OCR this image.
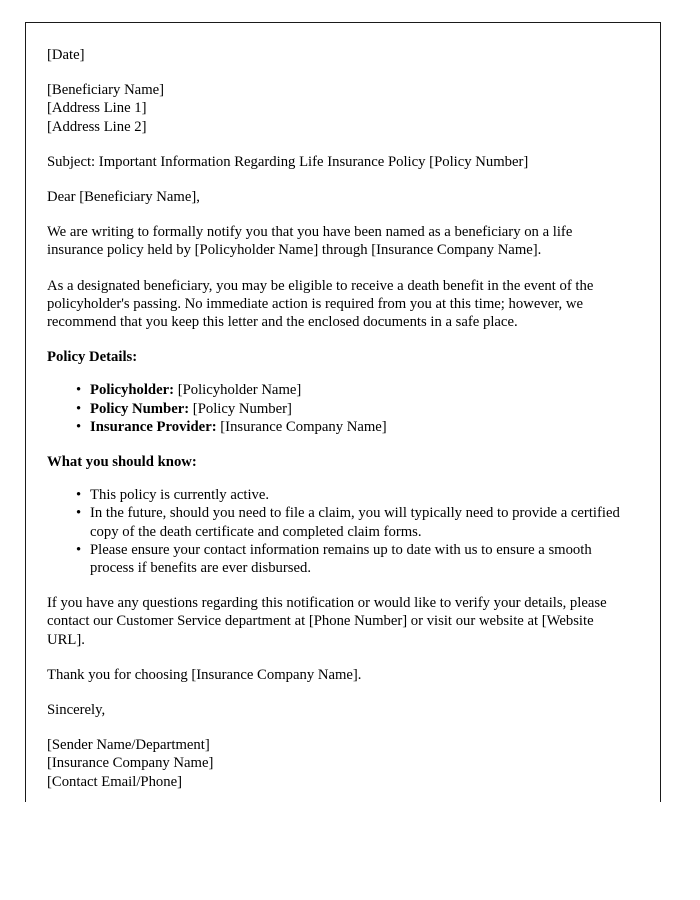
[Date]
[Beneficiary Name]
[Address Line 1]
[Address Line 2]

Subject: Important Information Regarding Life Insurance Policy [Policy Number]

Dear [Beneficiary Name],

We are writing to formally notify you that you have been named as a beneficiary on a life insurance policy held by [Policyholder Name] through [Insurance Company Name].

As a designated beneficiary, you may be eligible to receive a death benefit in the event of the policyholder's passing. No immediate action is required from you at this time; however, we recommend that you keep this letter and the enclosed documents in a safe place.

Policy Details:

• Policyholder: [Policyholder Name]
• Policy Number: [Policy Number]
• Insurance Provider: [Insurance Company Name]

What you should know:

• This policy is currently active.
• In the future, should you need to file a claim, you will typically need to provide a certified copy of the death certificate and completed claim forms.
• Please ensure your contact information remains up to date with us to ensure a smooth process if benefits are ever disbursed.

If you have any questions regarding this notification or would like to verify your details, please contact our Customer Service department at [Phone Number] or visit our website at [Website URL].

Thank you for choosing [Insurance Company Name].

Sincerely,

[Sender Name/Department]
[Insurance Company Name]
[Contact Email/Phone]
